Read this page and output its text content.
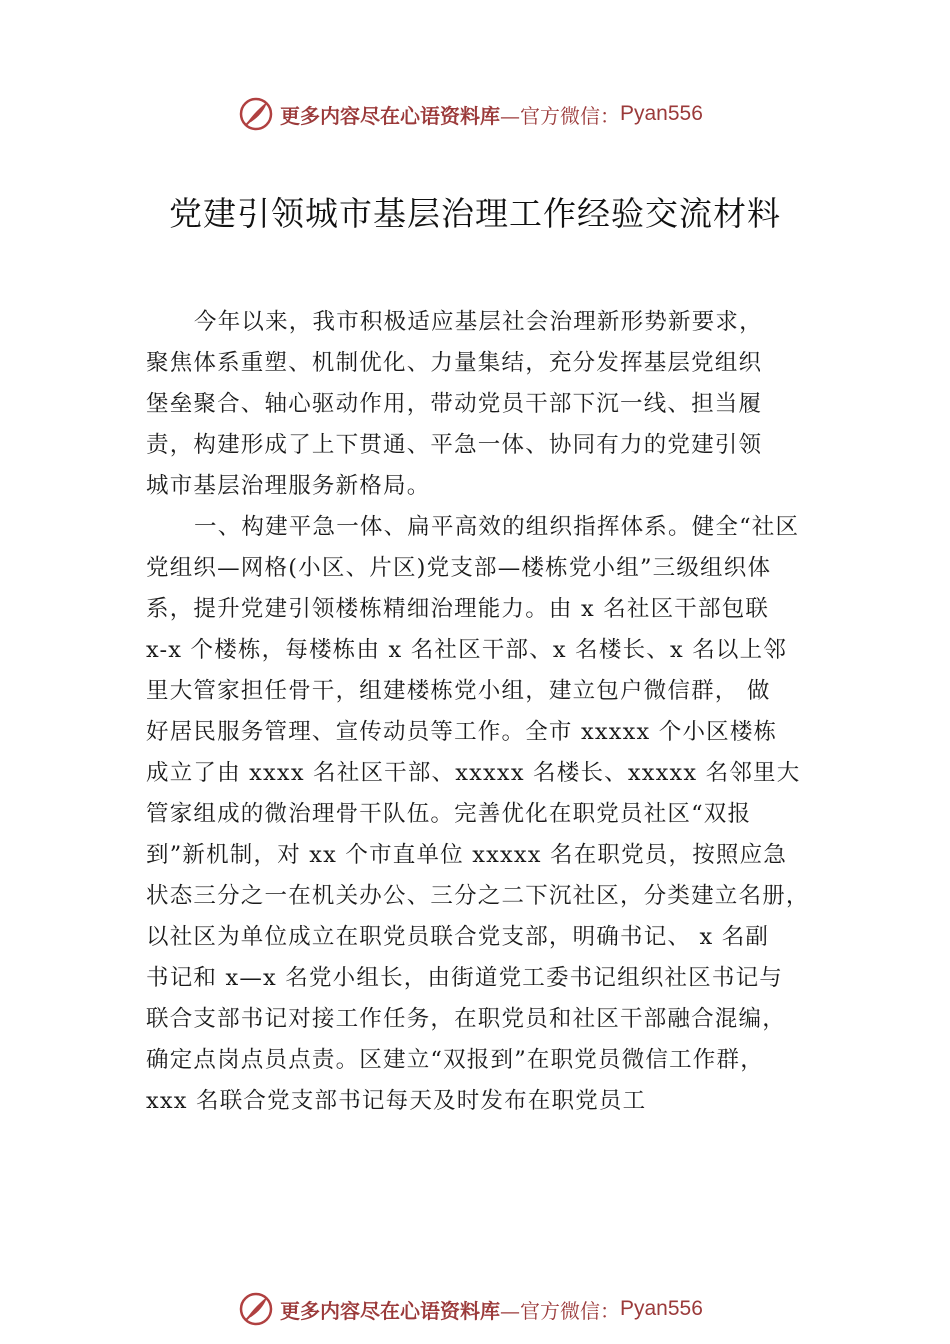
更多内容尽在心语资料库 —官方微信： Pyan556
党建引领城市基层治理工作经验交流材料
今年以来，我市积极适应基层社会治理新形势新要求，
聚焦体系重塑、机制优化、力量集结，充分发挥基层党组织
堡垒聚合、轴心驱动作用，带动党员干部下沉一线、担当履
责，构建形成了上下贯通、平急一体、协同有力的党建引领
城市基层治理服务新格局。
一、构建平急一体、扁平高效的组织指挥体系。健全“社区
党组织—网格(小区、片区)党支部—楼栋党小组”三级组织体
系，提升党建引领楼栋精细治理能力。由 x 名社区干部包联
x-x 个楼栋，每楼栋由 x 名社区干部、x 名楼长、x 名以上邻
里大管家担任骨干，组建楼栋党小组，建立包户微信群， 做
好居民服务管理、宣传动员等工作。全市 xxxxx 个小区楼栋
成立了由 xxxx 名社区干部、xxxxx 名楼长、xxxxx 名邻里大
管家组成的微治理骨干队伍。完善优化在职党员社区“双报
到”新机制，对 xx 个市直单位 xxxxx 名在职党员，按照应急
状态三分之一在机关办公、三分之二下沉社区，分类建立名册，
以社区为单位成立在职党员联合党支部，明确书记、 x 名副
书记和 x—x 名党小组长，由街道党工委书记组织社区书记与
联合支部书记对接工作任务，在职党员和社区干部融合混编，
确定点岗点员点责。区建立“双报到”在职党员微信工作群，
xxx 名联合党支部书记每天及时发布在职党员工
更多内容尽在心语资料库 —官方微信： Pyan556
